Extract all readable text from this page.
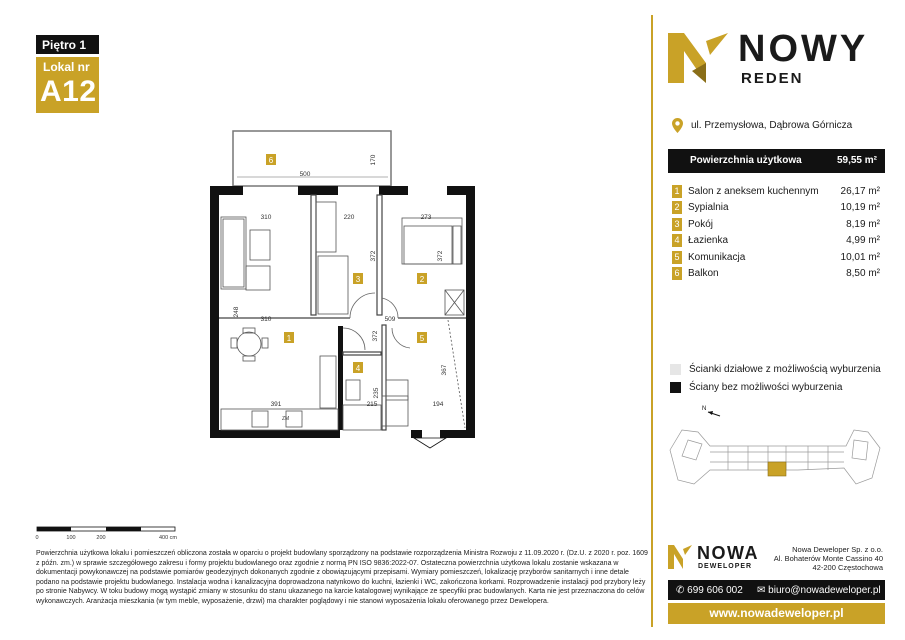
Piętro 1
Lokal nr
A12
6
1
2
3
4
5
500
170
310	220	273
372	372
310	509
372
391	215
235
194
367
248
ZM
0	100	200	400 cm
NOWY
REDEN
ul. Przemysłowa, Dąbrowa Górnicza
Powierzchnia użytkowa	59,55 m²
1 Salon z aneksem kuchennym 26,17 m²
2 Sypialnia	10,19 m²
3 Pokój	8,19 m²
4 Łazienka	4,99 m²
5 Komunikacja	10,01 m²
6 Balkon	8,50 m²
Ścianki działowe z możliwością wyburzenia
Ściany bez możliwości wyburzenia
N
Powierzchnia użytkowa lokalu i pomieszczeń obliczona została w oparciu o projekt budowlany sporządzony na podstawie rozporządzenia Ministra Rozwoju z 11.09.2020 r. (Dz.U. z 2020 r. poz. 1609 z późn. zm.) w sprawie szczegółowego zakresu i formy projektu budowlanego oraz zgodnie z normą PN ISO 9836:2022-07. Ostateczna powierzchnia użytkowa lokalu zostanie wskazana w dokumentacji powykonawczej na podstawie pomiarów geodezyjnych dokonanych zgodnie z obowiązującymi przepisami. Wymiary pomieszczeń, lokalizację przyborów sanitarnych i inne detale podano na podstawie projektu budowlanego. Instalacja wodna i kanalizacyjna doprowadzona natynkowo do kuchni, łazienki i WC, zakończona korkami. Rozprowadzenie instalacji pod przybory leży po stronie Nabywcy. W toku budowy mogą wystąpić zmiany w stosunku do stanu ukazanego na karcie katalogowej wynikające ze specyfiki prac budowlanych. Karta nie jest przeznaczona do celów wykonawczych. Aranżacja mieszkania (w tym meble, wyposażenie, drzwi) ma charakter poglądowy i nie stanowi wyposażenia lokalu oferowanego przez Dewelopera.
NOWA
DEWELOPER
Nowa Deweloper Sp. z o.o.
Al. Bohaterów Monte Cassino 40
42-200 Częstochowa
✆ 699 606 002 ✉ biuro@nowadeweloper.pl
www.nowadeweloper.pl
